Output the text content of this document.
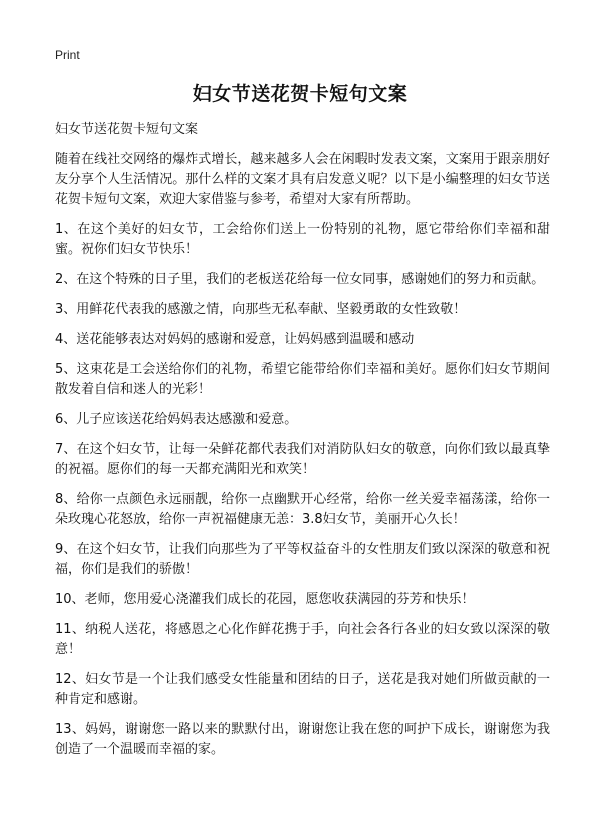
Print
妇女节送花贺卡短句文案

妇女节送花贺卡短句文案

随着在线社交网络的爆炸式增长，越来越多人会在闲暇时发表文案，文案用于跟亲朋好友分享个人生活情况。那什么样的文案才具有启发意义呢？以下是小编整理的妇女节送花贺卡短句文案，欢迎大家借鉴与参考，希望对大家有所帮助。

1、在这个美好的妇女节，工会给你们送上一份特别的礼物，愿它带给你们幸福和甜蜜。祝你们妇女节快乐！

2、在这个特殊的日子里，我们的老板送花给每一位女同事，感谢她们的努力和贡献。

3、用鲜花代表我的感激之情，向那些无私奉献、坚毅勇敢的女性致敬！

4、送花能够表达对妈妈的感谢和爱意，让妈妈感到温暖和感动

5、这束花是工会送给你们的礼物，希望它能带给你们幸福和美好。愿你们妇女节期间散发着自信和迷人的光彩！

6、儿子应该送花给妈妈表达感激和爱意。

7、在这个妇女节，让每一朵鲜花都代表我们对消防队妇女的敬意，向你们致以最真挚的祝福。愿你们的每一天都充满阳光和欢笑！

8、给你一点颜色永远丽靓，给你一点幽默开心经常，给你一丝关爱幸福荡漾，给你一朵玫瑰心花怒放，给你一声祝福健康无恙：3.8妇女节，美丽开心久长！

9、在这个妇女节，让我们向那些为了平等权益奋斗的女性朋友们致以深深的敬意和祝福，你们是我们的骄傲！

10、老师，您用爱心浇灌我们成长的花园，愿您收获满园的芬芳和快乐！

11、纳税人送花，将感恩之心化作鲜花携于手，向社会各行各业的妇女致以深深的敬意！

12、妇女节是一个让我们感受女性能量和团结的日子，送花是我对她们所做贡献的一种肯定和感谢。

13、妈妈，谢谢您一路以来的默默付出，谢谢您让我在您的呵护下成长，谢谢您为我创造了一个温暖而幸福的家。
